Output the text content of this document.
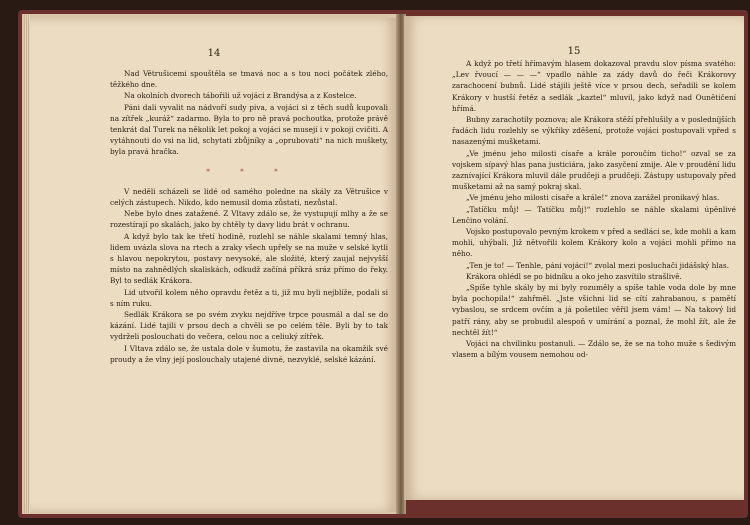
14

Nad Větrušicemi spouštěla se tmavá noc a s tou noci počátek zlého, těžkého dne.

Na okolních dvorech tábořili už vojáci z Brandýsa a z Kostelce.

Páni dali vyvalit na nádvoří sudy piva, a vojáci si z těch sudů kupovali na zítřek „kuráž“ zadarmo. Byla to pro ně pravá pochoutka, protože právě tenkrát dal Turek na několik let pokoj a vojáci se musejí i v pokoji cvičiti. A vytáhnouti do vsi na lid, schytati zbůjníky a „oprubovati“ na nich muškety, byla pravá hračka.

* * *

V neděli scházeli se lidé od samého poledne na skály za Větrušice v celých zástupech. Nikdo, kdo nemusil doma zůstati, nezůstal.

Nebe bylo dnes zatažené. Z Vltavy zdálo se, že vystupují mlhy a že se rozestírají po skalách, jako by chtěly ty davy lidu brát v ochranu.

A když bylo tak ke třetí hodině, rozlehl se náhle skalami temný hlas, lidem uvázla slova na rtech a zraky všech upřely se na muže v selské kytli s hlavou nepokrytou, postavy nevysoké, ale složité, který zaujal nejvyšší místo na zahnědlých skaliskách, odkudž začíná příkrá sráz přímo do řeky. Byl to sedlák Krákora.

Lid utvořil kolem něho opravdu řetěz a ti, již mu byli nejblíže, podali si s ním ruku.

Sedlák Krákora se po svém zvyku nejdříve trpce pousmál a dal se do kázání. Lidé tajili v prsou dech a chvěli se po celém těle. Byli by to tak vydrželi poslouchati do večera, celou noc a celiuký zítřek.

I Vltava zdálo se, že ustala dole v šumotu, že zastavila na okamžik své proudy a že vlny její poslouchaly utajené divné, nezvyklé, selské kázání.

15

A když po třetí hřímavým hlasem dokazoval pravdu slov písma svatého: „Lev řvoucí — — —“ vpadlo náhle za zády davů do řeči Krákorovy zarachocení bubnů. Lidé stájili ještě více v prsou dech, seřadili se kolem Krákory v hustší řetěz a sedlák „kaztel“ mluvil, jako když nad Ounětičení hřímá.

Bubny zarachotily poznova; ale Krákora stěží přehlušily a v posledníjších řadách lidu rozlehly se výkřiky zděšení, protože vojáci postupovali vpřed s nasazenými mušketami.

„Ve jménu jeho milosti císaře a krále poroučím ticho!“ ozval se za vojskem sípavý hlas pana justiciára, jako zasyčení zmije. Ale v proudění lidu zaznívající Krákora mluvil dále prudčeji a prudčeji. Zástupy ustupovaly před mušketami až na samý pokraj skal.

„Ve jménu jeho milosti císaře a krále!“ znova zarážel pronikavý hlas.

„Tatíčku můj! — Tatíčku můj!“ rozlehlo se náhle skalami úpěnlivé Lenčino volání.

Vojsko postupovalo pevným krokem v před a sedláci se, kde mohli a kam mohli, uhýbali. Již nětvořili kolem Krákory kolo a vojáci mohli přímo na něho.

„Ten je to! — Tenhle, páni vojáci!“ zvolal mezi posluchači jidášský hlas.

Krákora ohlédl se po bidníku a oko jeho zasvítilo strašlivě.

„Spíše tyhle skály by mi byly rozuměly a spíše tahle voda dole by mne byla pochopila!“ zahřměl. „Jste všichni lid se cítí zahrabanou, s pamětí vybaslou, se srdcem ovčím a já pošetilec věřil jsem vám! — Na takový lid patří rány, aby se probudil alespoň v umírání a poznal, že mohl žít, ale že nechtěl žít!“

Vojáci na chvilinku postanuli. — Zdálo se, že se na toho muže s šedivým vlasem a bílým vousem nemohou od-
